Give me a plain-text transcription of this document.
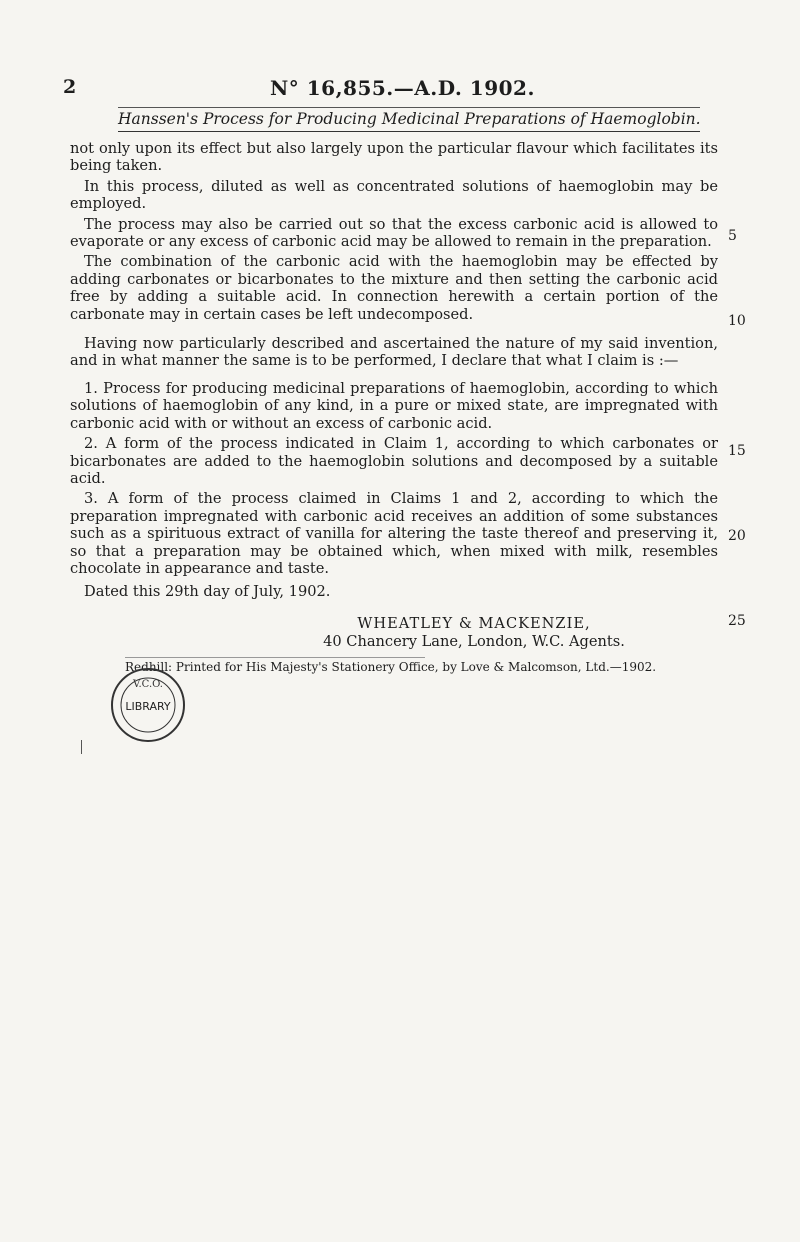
2	N° 16,855.—A.D. 1902.
Hanssen's Process for Producing Medicinal Preparations of Haemoglobin.

not only upon its effect but also largely upon the particular flavour which facilitates its being taken.

In this process, diluted as well as concentrated solutions of haemoglobin may be employed.

The process may also be carried out so that the excess carbonic acid is allowed to evaporate or any excess of carbonic acid may be allowed to remain in the preparation.

The combination of the carbonic acid with the haemoglobin may be effected by adding carbonates or bicarbonates to the mixture and then setting the carbonic acid free by adding a suitable acid. In connection herewith a certain portion of the carbonate may in certain cases be left undecomposed.

Having now particularly described and ascertained the nature of my said invention, and in what manner the same is to be performed, I declare that what I claim is :—

1. Process for producing medicinal preparations of haemoglobin, according to which solutions of haemoglobin of any kind, in a pure or mixed state, are impregnated with carbonic acid with or without an excess of carbonic acid.

2. A form of the process indicated in Claim 1, according to which carbonates or bicarbonates are added to the haemoglobin solutions and decomposed by a suitable acid.

3. A form of the process claimed in Claims 1 and 2, according to which the preparation impregnated with carbonic acid receives an addition of some substances such as a spirituous extract of vanilla for altering the taste thereof and preserving it, so that a preparation may be obtained which, when mixed with milk, resembles chocolate in appearance and taste.

Dated this 29th day of July, 1902.

WHEATLEY & MACKENZIE,
40 Chancery Lane, London, W.C. Agents.
5
10
15
20
25
Redhill: Printed for His Majesty's Stationery Office, by Love & Malcomson, Ltd.—1902.
V.C.O.
LIBRARY
